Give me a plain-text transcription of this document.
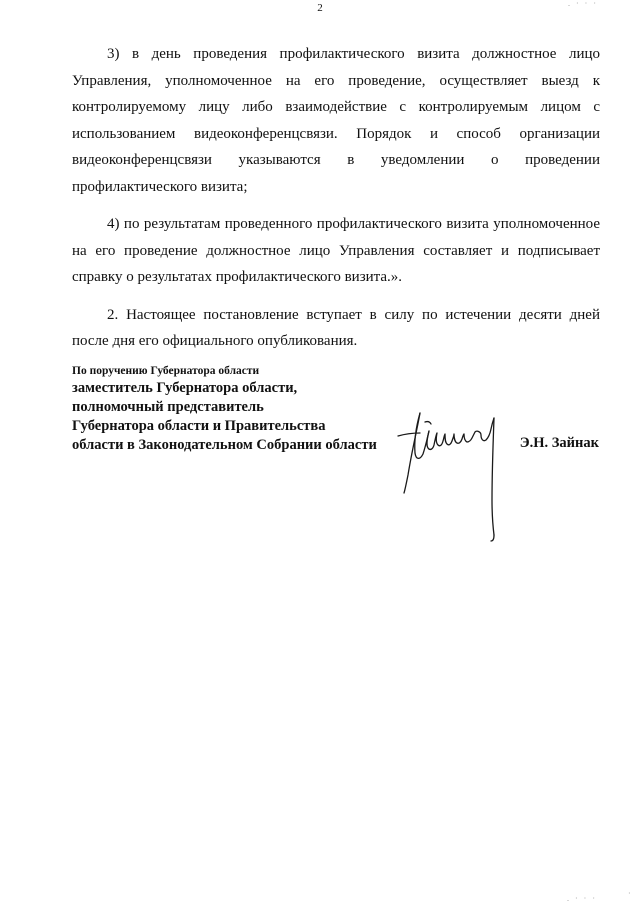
2

3) в день проведения профилактического визита должностное лицо Управления, уполномоченное на его проведение, осуществляет выезд к контролируемому лицу либо взаимодействие с контролируемым лицом с использованием видеоконференцсвязи. Порядок и способ организации видеоконференцсвязи указываются в уведомлении о проведении профилактического визита;

4) по результатам проведенного профилактического визита уполномоченное на его проведение должностное лицо Управления составляет и подписывает справку о результатах профилактического визита.».

2. Настоящее постановление вступает в силу по истечении десяти дней после дня его официального опубликования.

По поручению Губернатора области
заместитель Губернатора области,
полномочный представитель
Губернатора области и Правительства
области в Законодательном Собрании области	Э.Н. Зайнак
. · · ·
. · · ·
·
